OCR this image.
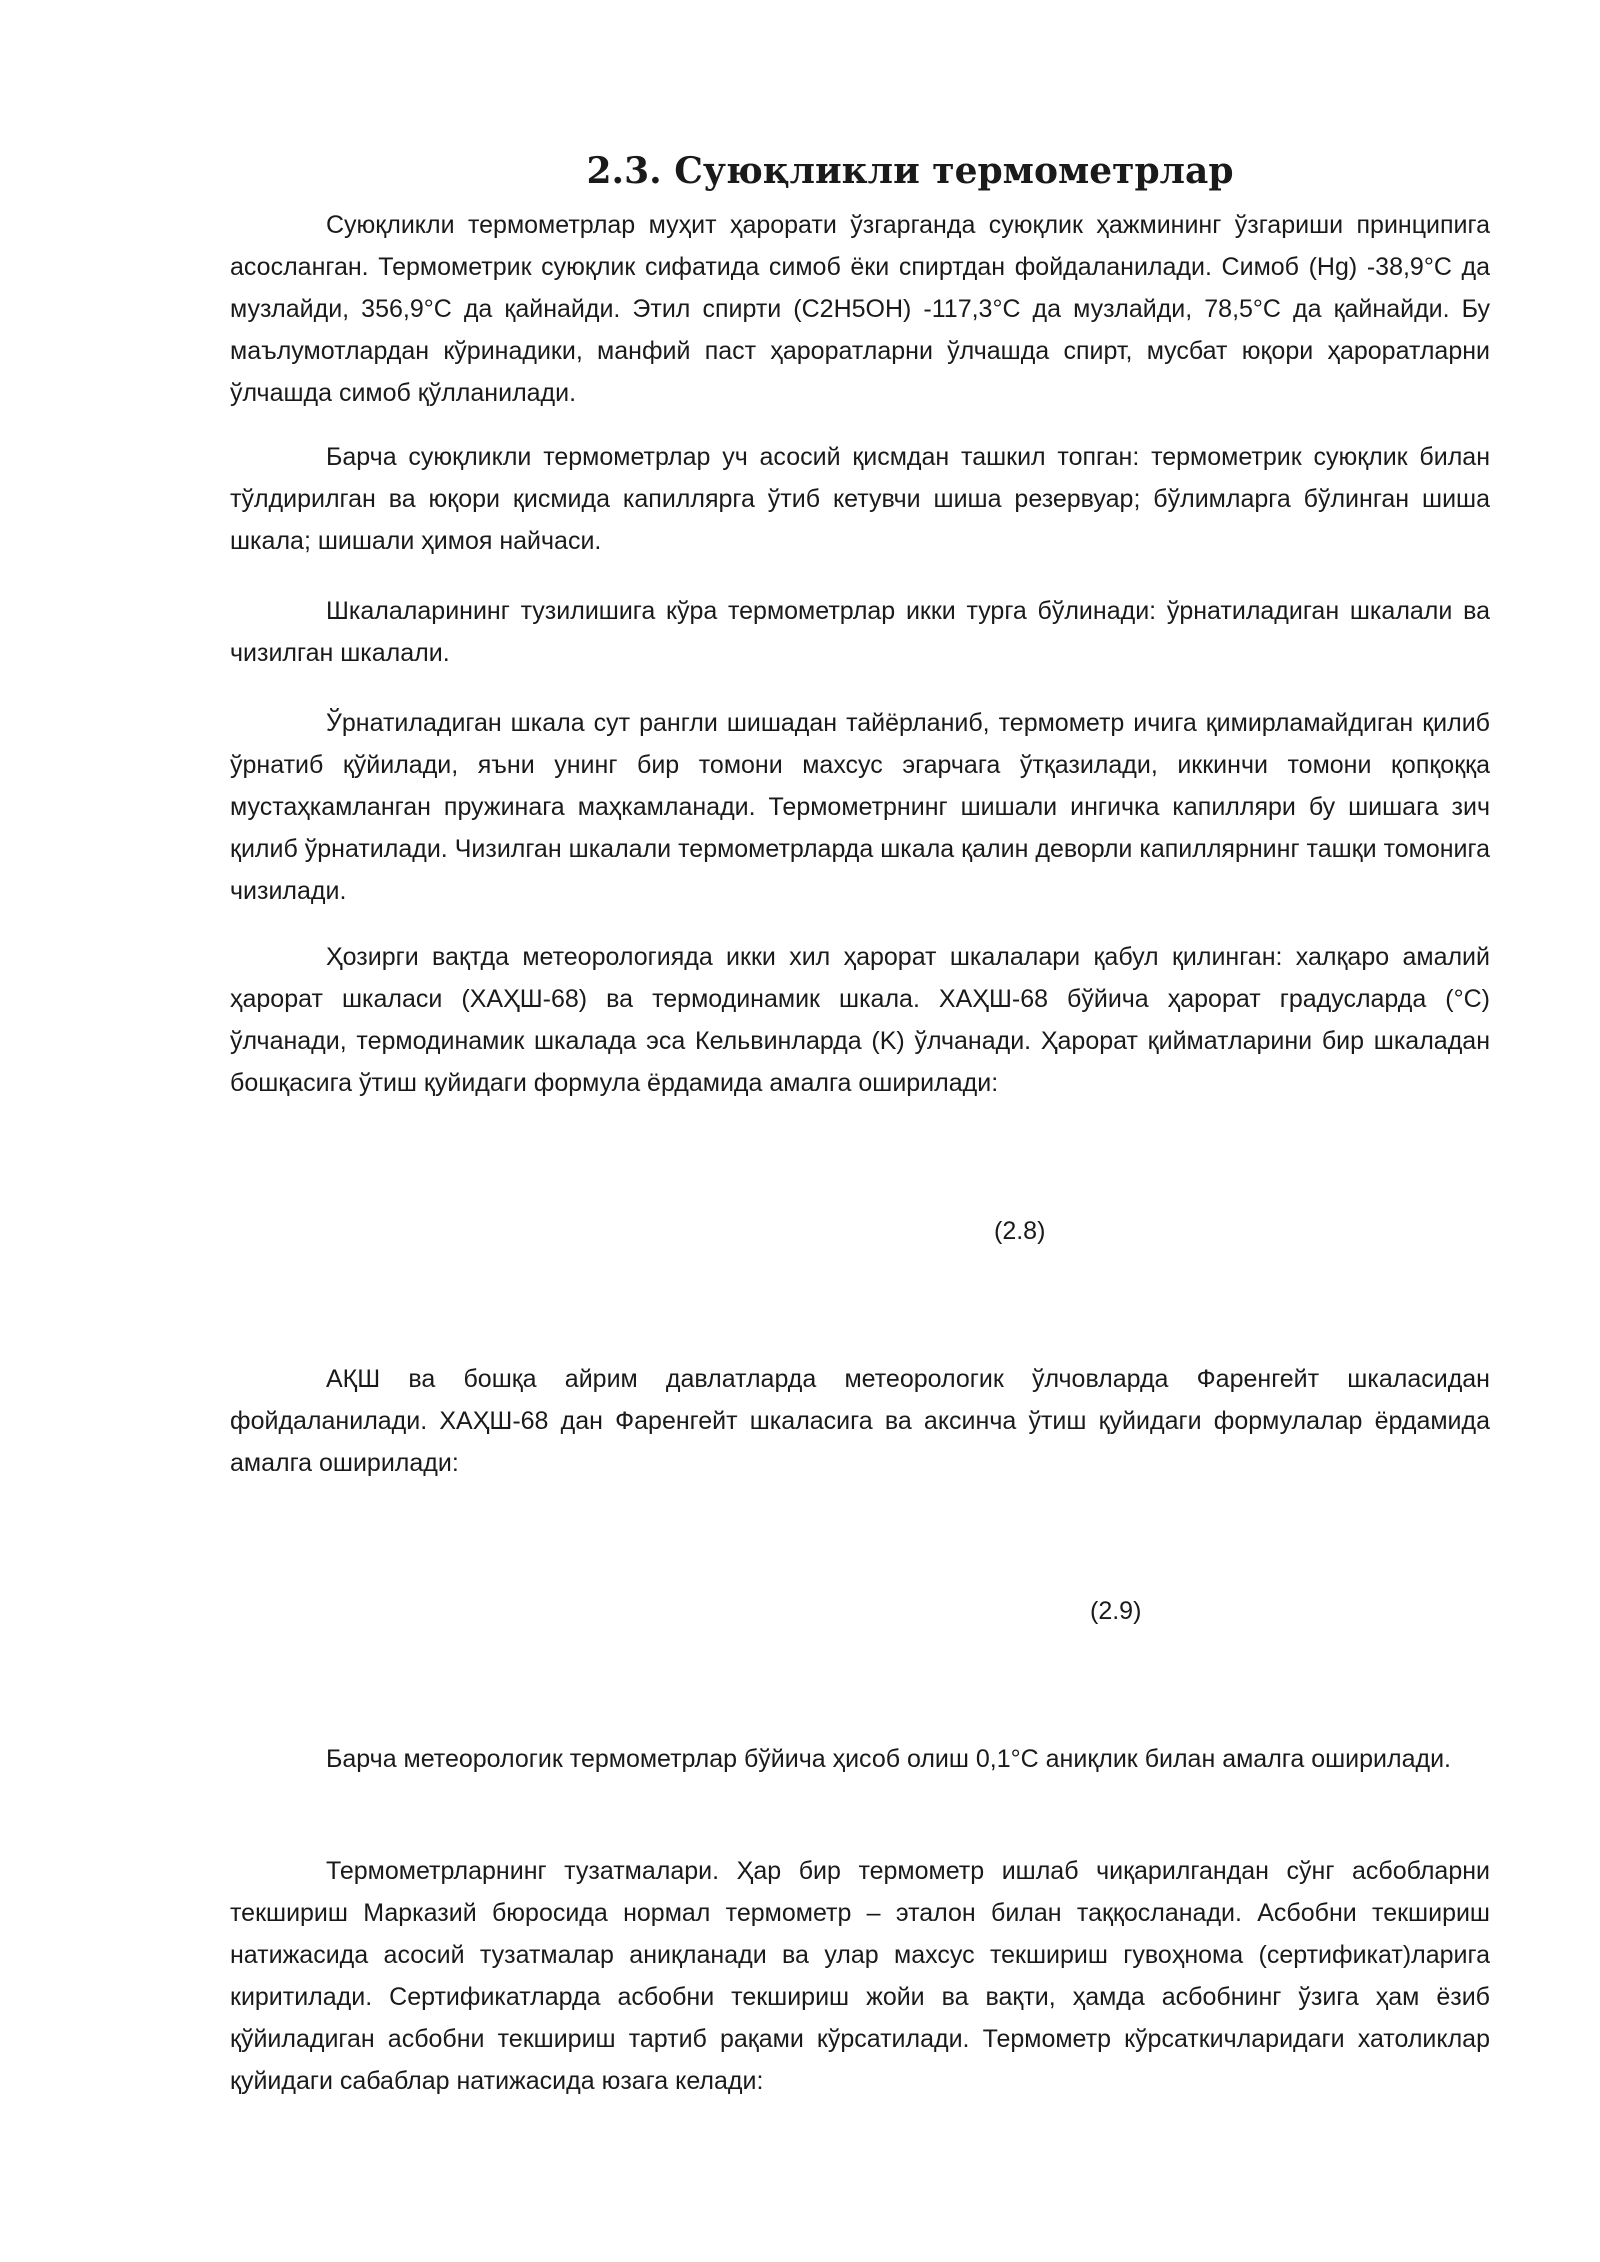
2.3. Суюқликли термометрлар

Суюқликли термометрлар муҳит ҳарорати ўзгарганда суюқлик ҳажмининг ўзгариши принципига асосланган. Термометрик суюқлик сифатида симоб ёки спиртдан фойдаланилади. Симоб (Hg) -38,9°C да музлайди, 356,9°C да қайнайди. Этил спирти (C2H5OH) -117,3°C да музлайди, 78,5°C да қайнайди. Бу маълумотлардан кўринадики, манфий паст ҳароратларни ўлчашда спирт, мусбат юқори ҳароратларни ўлчашда симоб қўлланилади.

Барча суюқликли термометрлар уч асосий қисмдан ташкил топган: термометрик суюқлик билан тўлдирилган ва юқори қисмида капиллярга ўтиб кетувчи шиша резервуар; бўлимларга бўлинган шиша шкала; шишали ҳимоя найчаси.

Шкалаларининг тузилишига кўра термометрлар икки турга бўлинади: ўрнатиладиган шкалали ва чизилган шкалали.

Ўрнатиладиган шкала сут рангли шишадан тайёрланиб, термометр ичига қимирламайдиган қилиб ўрнатиб қўйилади, яъни унинг бир томони махсус эгарчага ўтқазилади, иккинчи томони қопқоққа мустаҳкамланган пружинага маҳкамланади. Термометрнинг шишали ингичка капилляри бу шишага зич қилиб ўрнатилади. Чизилган шкалали термометрларда шкала қалин деворли капиллярнинг ташқи томонига чизилади.

Ҳозирги вақтда метеорологияда икки хил ҳарорат шкалалари қабул қилинган: халқаро амалий ҳарорат шкаласи (ХАҲШ-68) ва термодинамик шкала. ХАҲШ-68 бўйича ҳарорат градусларда (°C) ўлчанади, термодинамик шкалада эса Кельвинларда (K) ўлчанади. Ҳарорат қийматларини бир шкаладан бошқасига ўтиш қуйидаги формула ёрдамида амалга оширилади:

(2.8)

АҚШ ва бошқа айрим давлатларда метеорологик ўлчовларда Фаренгейт шкаласидан фойдаланилади. ХАҲШ-68 дан Фаренгейт шкаласига ва аксинча ўтиш қуйидаги формулалар ёрдамида амалга оширилади:

(2.9)

Барча метеорологик термометрлар бўйича ҳисоб олиш 0,1°C аниқлик билан амалга оширилади.

Термометрларнинг тузатмалари. Ҳар бир термометр ишлаб чиқарилгандан сўнг асбобларни текшириш Марказий бюросида нормал термометр – эталон билан таққосланади. Асбобни текшириш натижасида асосий тузатмалар аниқланади ва улар махсус текшириш гувоҳнома (сертификат)ларига киритилади. Сертификатларда асбобни текшириш жойи ва вақти, ҳамда асбобнинг ўзига ҳам ёзиб қўйиладиган асбобни текшириш тартиб рақами кўрсатилади. Термометр кўрсаткичларидаги хатоликлар қуйидаги сабаблар натижасида юзага келади:
